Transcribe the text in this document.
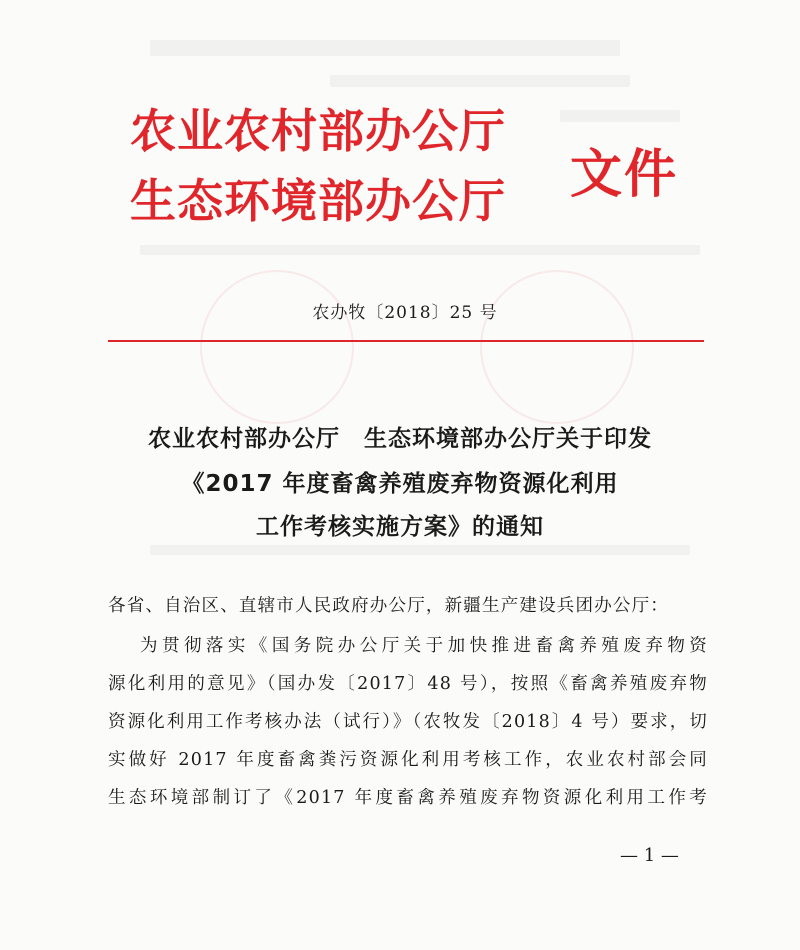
农业农村部办公厅
生态环境部办公厅 文件
农办牧〔2018〕25 号
农业农村部办公厅　生态环境部办公厅关于印发
《2017 年度畜禽养殖废弃物资源化利用
工作考核实施方案》的通知
各省、自治区、直辖市人民政府办公厅，新疆生产建设兵团办公厅：
为贯彻落实《国务院办公厅关于加快推进畜禽养殖废弃物资
源化利用的意见》（国办发〔2017〕48 号），按照《畜禽养殖废弃物
资源化利用工作考核办法（试行）》（农牧发〔2018〕4 号）要求，切
实做好 2017 年度畜禽粪污资源化利用考核工作，农业农村部会同
生态环境部制订了《2017 年度畜禽养殖废弃物资源化利用工作考
— 1 —
